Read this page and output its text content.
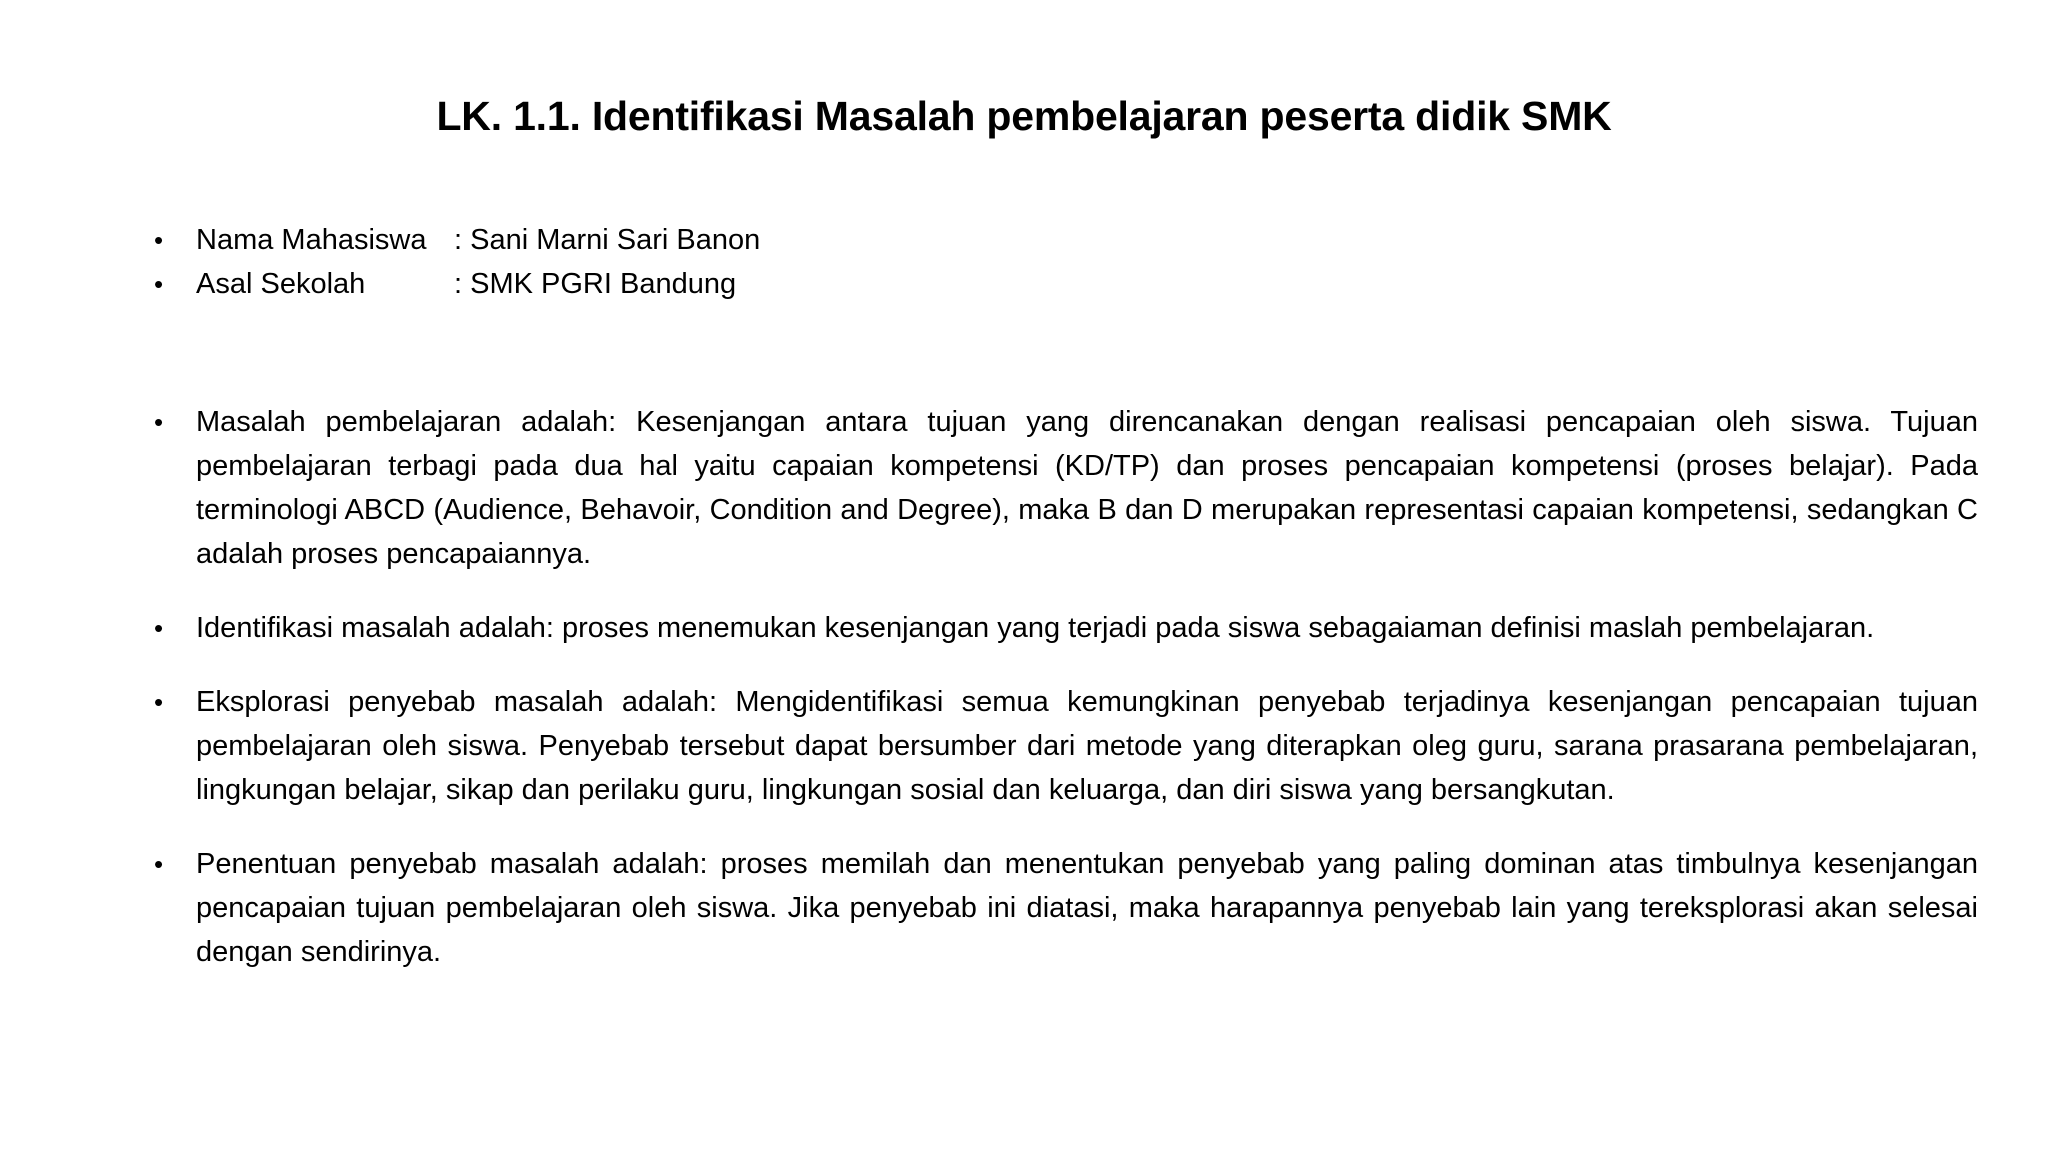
LK. 1.1. Identifikasi Masalah pembelajaran peserta didik SMK
•	Nama Mahasiswa : Sani Marni Sari Banon
•	Asal Sekolah	: SMK PGRI Bandung
•	Masalah pembelajaran adalah: Kesenjangan antara tujuan yang direncanakan dengan realisasi pencapaian oleh siswa. Tujuan pembelajaran terbagi pada dua hal yaitu capaian kompetensi (KD/TP) dan proses pencapaian kompetensi (proses belajar). Pada terminologi ABCD (Audience, Behavoir, Condition and Degree), maka B dan D merupakan representasi capaian kompetensi, sedangkan C adalah proses pencapaiannya.
•	Identifikasi masalah adalah: proses menemukan kesenjangan yang terjadi pada siswa sebagaiaman definisi maslah pembelajaran.
•	Eksplorasi penyebab masalah adalah: Mengidentifikasi semua kemungkinan penyebab terjadinya kesenjangan pencapaian tujuan pembelajaran oleh siswa. Penyebab tersebut dapat bersumber dari metode yang diterapkan oleg guru, sarana prasarana pembelajaran, lingkungan belajar, sikap dan perilaku guru, lingkungan sosial dan keluarga, dan diri siswa yang bersangkutan.
•	Penentuan penyebab masalah adalah: proses memilah dan menentukan penyebab yang paling dominan atas timbulnya kesenjangan pencapaian tujuan pembelajaran oleh siswa. Jika penyebab ini diatasi, maka harapannya penyebab lain yang tereksplorasi akan selesai dengan sendirinya.
